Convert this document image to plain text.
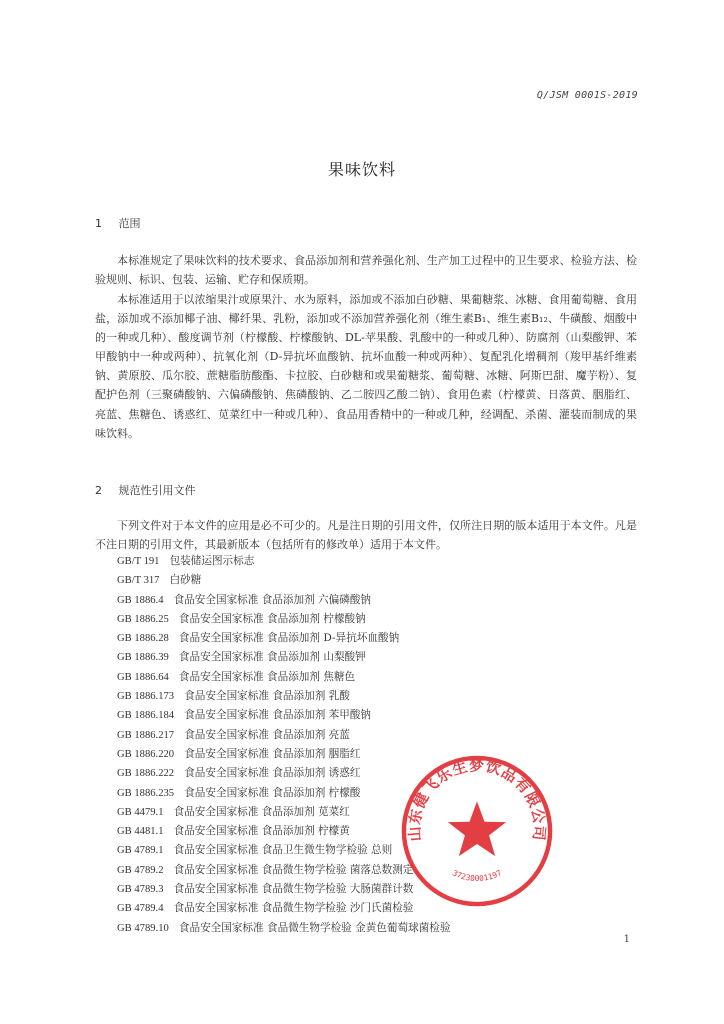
Q/JSM 0001S-2019
果味饮料
1 范围

本标准规定了果味饮料的技术要求、食品添加剂和营养强化剂、生产加工过程中的卫生要求、检验方法、检验规则、标识、包装、运输、贮存和保质期。

本标准适用于以浓缩果汁或原果汁、水为原料，添加或不添加白砂糖、果葡糖浆、冰糖、食用葡萄糖、食用盐，添加或不添加椰子油、椰纤果、乳粉，添加或不添加营养强化剂（维生素B₁、维生素B₁₂、牛磺酸、烟酸中的一种或几种）、酸度调节剂（柠檬酸、柠檬酸钠、DL-苹果酸、乳酸中的一种或几种）、防腐剂（山梨酸钾、苯甲酸钠中一种或两种）、抗氧化剂（D-异抗坏血酸钠、抗坏血酸一种或两种）、复配乳化增稠剂（羧甲基纤维素钠、黄原胶、瓜尔胶、蔗糖脂肪酸酯、卡拉胶、白砂糖和或果葡糖浆、葡萄糖、冰糖、阿斯巴甜、魔芋粉）、复配护色剂（三聚磷酸钠、六偏磷酸钠、焦磷酸钠、乙二胺四乙酸二钠）、食用色素（柠檬黄、日落黄、胭脂红、亮蓝、焦糖色、诱惑红、苋菜红中一种或几种）、食品用香精中的一种或几种，经调配、杀菌、灌装而制成的果味饮料。

2 规范性引用文件

下列文件对于本文件的应用是必不可少的。凡是注日期的引用文件，仅所注日期的版本适用于本文件。凡是不注日期的引用文件，其最新版本（包括所有的修改单）适用于本文件。

GB/T 191 包装储运图示标志
GB/T 317 白砂糖
GB 1886.4 食品安全国家标准 食品添加剂 六偏磷酸钠
GB 1886.25 食品安全国家标准 食品添加剂 柠檬酸钠
GB 1886.28 食品安全国家标准 食品添加剂 D-异抗坏血酸钠
GB 1886.39 食品安全国家标准 食品添加剂 山梨酸钾
GB 1886.64 食品安全国家标准 食品添加剂 焦糖色
GB 1886.173 食品安全国家标准 食品添加剂 乳酸
GB 1886.184 食品安全国家标准 食品添加剂 苯甲酸钠
GB 1886.217 食品安全国家标准 食品添加剂 亮蓝
GB 1886.220 食品安全国家标准 食品添加剂 胭脂红
GB 1886.222 食品安全国家标准 食品添加剂 诱惑红
GB 1886.235 食品安全国家标准 食品添加剂 柠檬酸
GB 4479.1 食品安全国家标准 食品添加剂 苋菜红
GB 4481.1 食品安全国家标准 食品添加剂 柠檬黄
GB 4789.1 食品安全国家标准 食品卫生微生物学检验 总则
GB 4789.2 食品安全国家标准 食品微生物学检验 菌落总数测定
GB 4789.3 食品安全国家标准 食品微生物学检验 大肠菌群计数
GB 4789.4 食品安全国家标准 食品微生物学检验 沙门氏菌检验
GB 4789.10 食品安全国家标准 食品微生物学检验 金黄色葡萄球菌检验
山东健飞乐生梦饮品有限公司
37230001197
1
